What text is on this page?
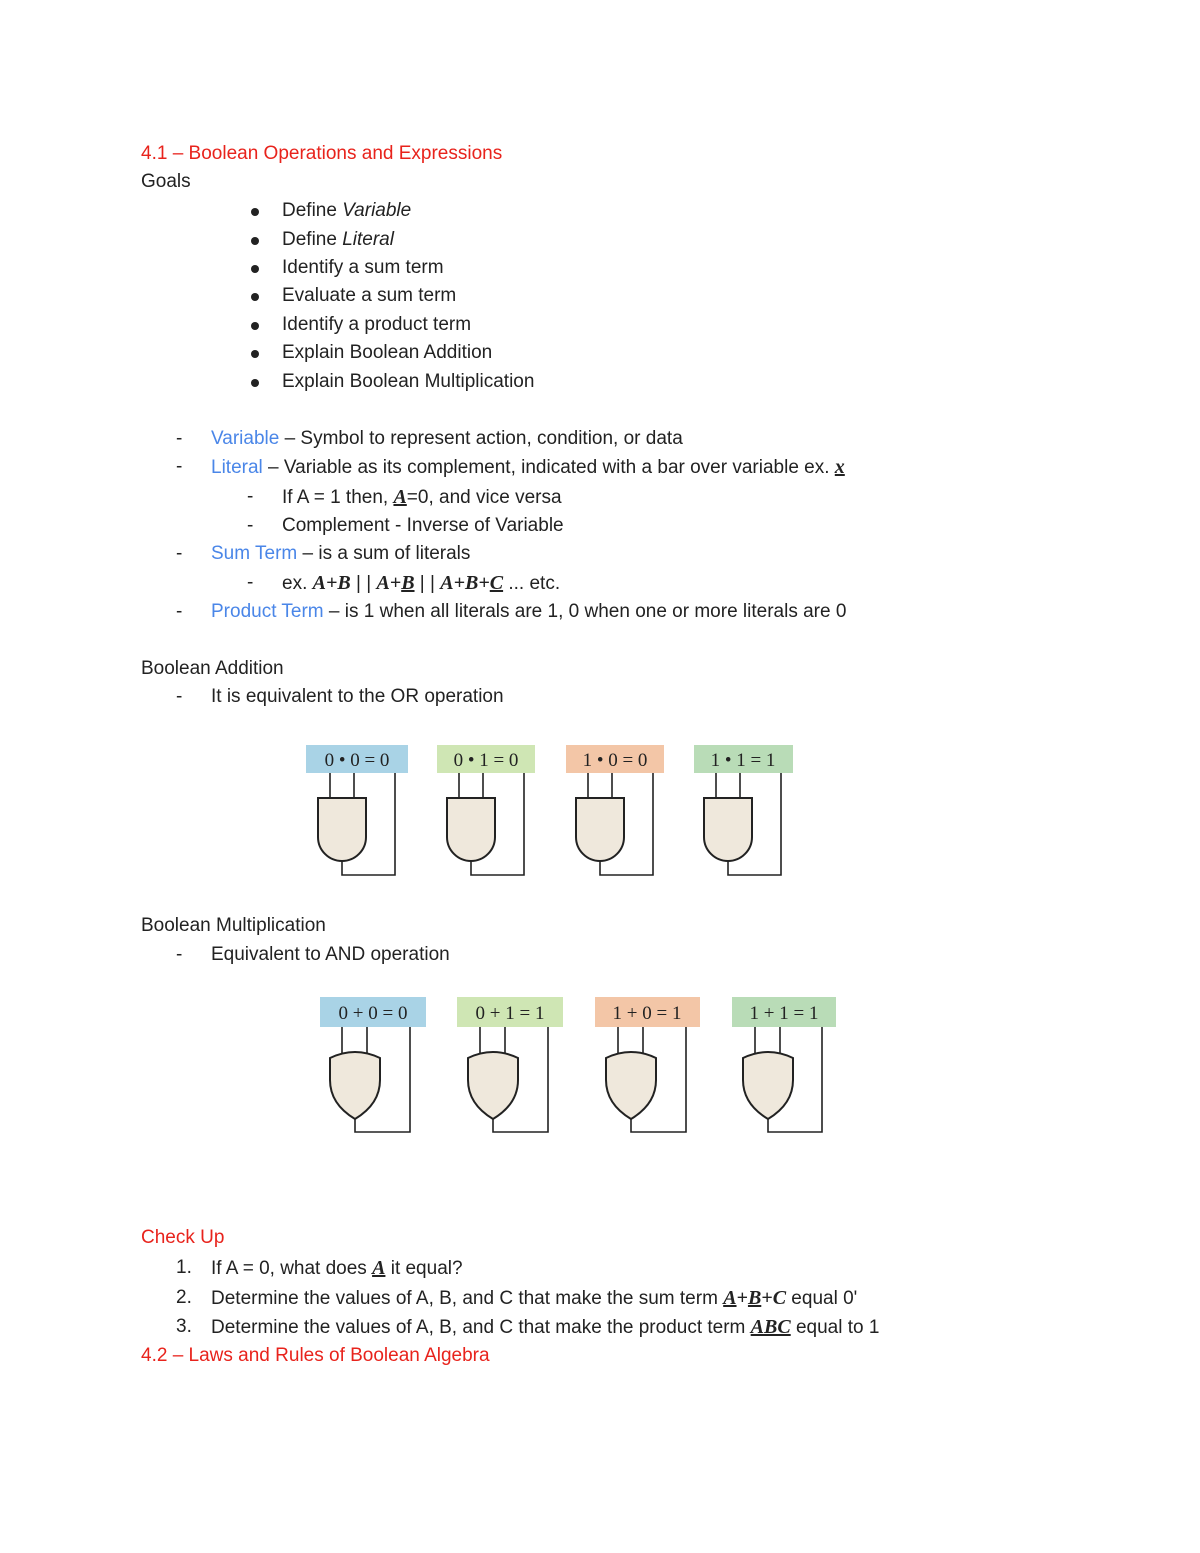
4.1 – Boolean Operations and Expressions
Goals
Define Variable
Define Literal
Identify a sum term
Evaluate a sum term
Identify a product term
Explain Boolean Addition
Explain Boolean Multiplication
- Variable – Symbol to represent action, condition, or data
- Literal – Variable as its complement, indicated with a bar over variable ex. x
- If A = 1 then, A=0, and vice versa
- Complement - Inverse of Variable
- Sum Term – is a sum of literals
- ex. A+B | | A+B | | A+B+C ... etc.
- Product Term – is 1 when all literals are 1, 0 when one or more literals are 0
Boolean Addition
- It is equivalent to the OR operation
0 • 0 = 0	0 • 1 = 0	1 • 0 = 0	1 • 1 = 1
Boolean Multiplication
- Equivalent to AND operation
0 + 0 = 0	0 + 1 = 1	1 + 0 = 1	1 + 1 = 1
Check Up
1. If A = 0, what does A it equal?
2. Determine the values of A, B, and C that make the sum term A+B+C equal 0'
3. Determine the values of A, B, and C that make the product term ABC equal to 1
4.2 – Laws and Rules of Boolean Algebra
